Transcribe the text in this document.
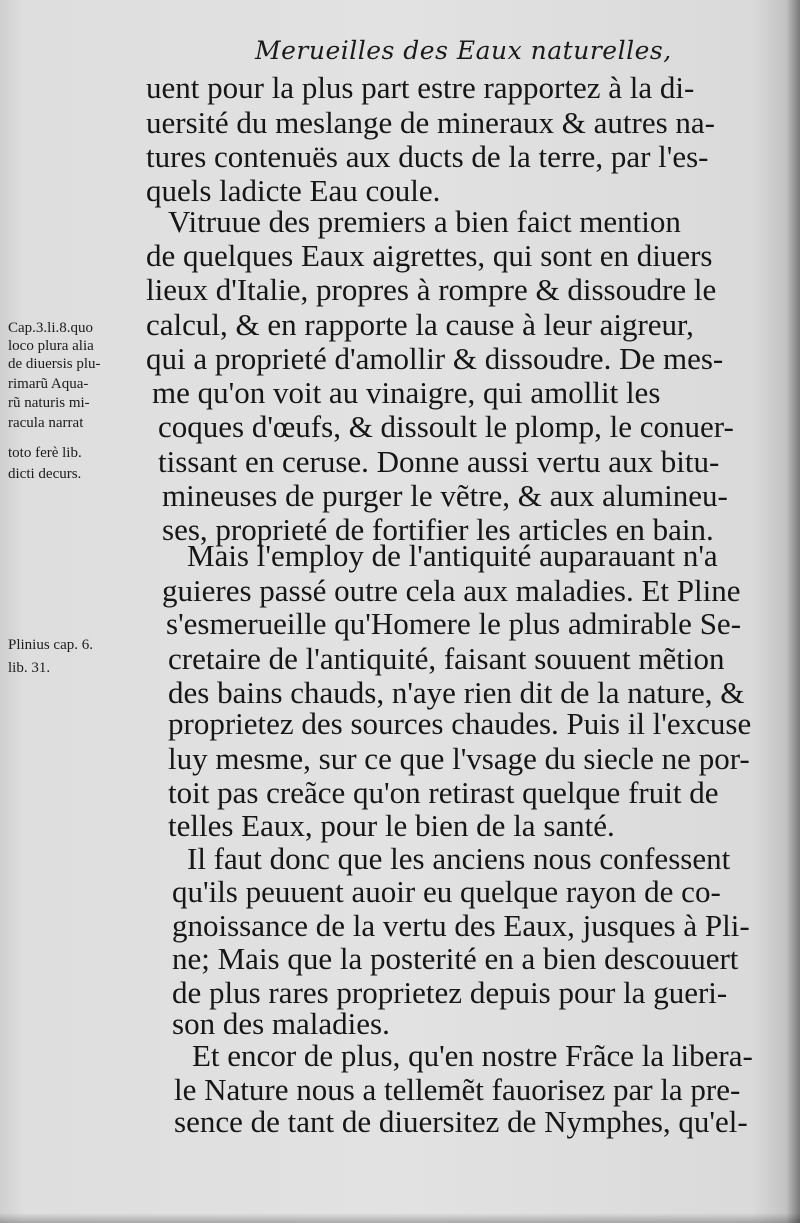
Merueilles des Eaux naturelles,
uent pour la plus part estre rapportez à la di-
uersité du meslange de mineraux & autres na-
tures contenuës aux ducts de la terre, par l'es-
quels ladicte Eau coule.
Vitruue des premiers a bien faict mention
de quelques Eaux aigrettes, qui sont en diuers
lieux d'Italie, propres à rompre & dissoudre le
calcul, & en rapporte la cause à leur aigreur,
qui a proprieté d'amollir & dissoudre. De mes-
me qu'on voit au vinaigre, qui amollit les
coques d'œufs, & dissoult le plomp, le conuer-
tissant en ceruse. Donne aussi vertu aux bitu-
mineuses de purger le vẽtre, & aux alumineu-
ses, proprieté de fortifier les articles en bain.
Mais l'employ de l'antiquité auparauant n'a
guieres passé outre cela aux maladies. Et Pline
s'esmerueille qu'Homere le plus admirable Se-
cretaire de l'antiquité, faisant souuent mẽtion
des bains chauds, n'aye rien dit de la nature, &
proprietez des sources chaudes. Puis il l'excuse
luy mesme, sur ce que l'vsage du siecle ne por-
toit pas creãce qu'on retirast quelque fruit de
telles Eaux, pour le bien de la santé.
Il faut donc que les anciens nous confessent
qu'ils peuuent auoir eu quelque rayon de co-
gnoissance de la vertu des Eaux, jusques à Pli-
ne; Mais que la posterité en a bien descouuert
de plus rares proprietez depuis pour la gueri-
son des maladies.
Et encor de plus, qu'en nostre Frãce la libera-
le Nature nous a tellemẽt fauorisez par la pre-
sence de tant de diuersitez de Nymphes, qu'el-
Cap.3.li.8.quo
loco plura alia
de diuersis plu-
rimarũ Aqua-
rũ naturis mi-
racula narrat
toto ferè lib.
dicti decurs.
Plinius cap. 6.
lib. 31.
